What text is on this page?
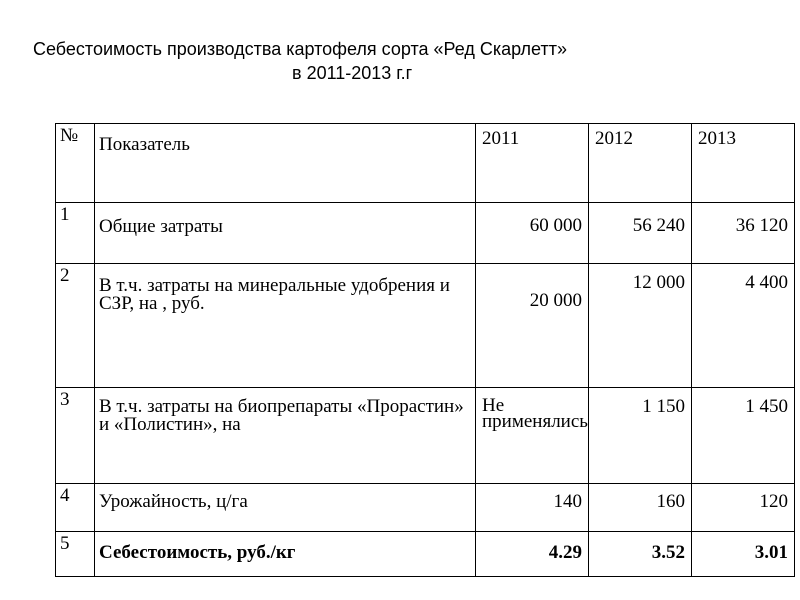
Себестоимость производства картофеля сорта «Ред Скарлетт»
в 2011-2013 г.г
№	Показатель	2011	2012	2013
1	Общие затраты	60 000	56 240	36 120
2	В т.ч. затраты на минеральные удобрения и СЗР, на , руб.	20 000	12 000	4 400
3	В т.ч. затраты на биопрепараты «Прорастин» и «Полистин», на	Не применялись	1 150	1 450
4	Урожайность, ц/га	140	160	120
5	Себестоимость, руб./кг	4.29	3.52	3.01
